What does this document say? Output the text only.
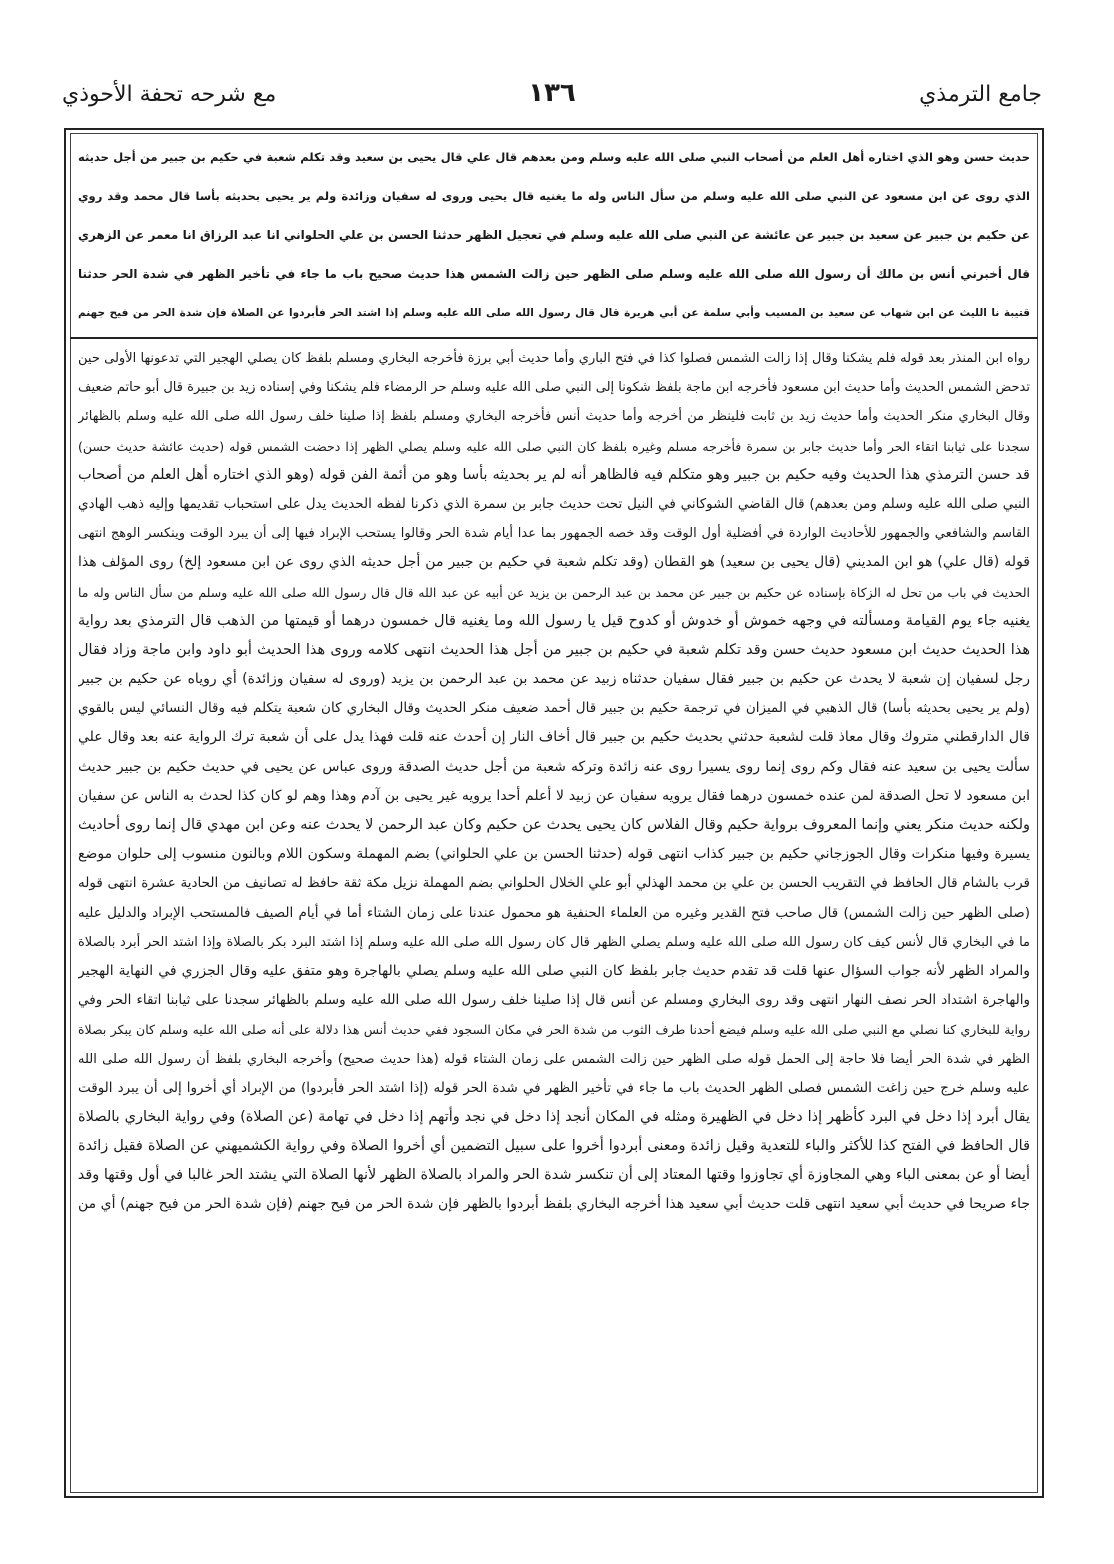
جامع الترمذي
١٣٦
مع شرحه تحفة الأحوذي
حديث حسن وهو الذي اختاره أهل العلم من أصحاب النبي صلى الله عليه وسلم ومن بعدهم قال علي قال يحيى بن سعيد وقد تكلم شعبة في حكيم بن جبير من أجل حديثه
الذي روى عن ابن مسعود عن النبي صلى الله عليه وسلم من سأل الناس وله ما يغنيه قال يحيى وروى له سفيان وزائدة ولم ير يحيى بحديثه بأسا قال محمد وقد روي
عن حكيم بن جبير عن سعيد بن جبير عن عائشة عن النبي صلى الله عليه وسلم في تعجيل الظهر حدثنا الحسن بن علي الحلواني انا عبد الرزاق انا معمر عن الزهري
قال أخبرني أنس بن مالك أن رسول الله صلى الله عليه وسلم صلى الظهر حين زالت الشمس هذا حديث صحيح باب ما جاء في تأخير الظهر في شدة الحر حدثنا
قتيبة نا الليث عن ابن شهاب عن سعيد بن المسيب وأبي سلمة عن أبي هريرة قال قال رسول الله صلى الله عليه وسلم إذا اشتد الحر فأبردوا عن الصلاة فإن شدة الحر من فيح جهنم
رواه ابن المنذر بعد قوله فلم يشكنا وقال إذا زالت الشمس فصلوا كذا في فتح الباري وأما حديث أبي برزة فأخرجه البخاري ومسلم بلفظ كان يصلي الهجير التي تدعونها الأولى حين
تدحض الشمس الحديث وأما حديث ابن مسعود فأخرجه ابن ماجة بلفظ شكونا إلى النبي صلى الله عليه وسلم حر الرمضاء فلم يشكنا وفي إسناده زيد بن جبيرة قال أبو حاتم ضعيف
وقال البخاري منكر الحديث وأما حديث زيد بن ثابت فلينظر من أخرجه وأما حديث أنس فأخرجه البخاري ومسلم بلفظ إذا صلينا خلف رسول الله صلى الله عليه وسلم بالظهائر
سجدنا على ثيابنا اتقاء الحر وأما حديث جابر بن سمرة فأخرجه مسلم وغيره بلفظ كان النبي صلى الله عليه وسلم يصلي الظهر إذا دحضت الشمس قوله (حديث عائشة حديث حسن)
قد حسن الترمذي هذا الحديث وفيه حكيم بن جبير وهو متكلم فيه فالظاهر أنه لم ير بحديثه بأسا وهو من أئمة الفن قوله (وهو الذي اختاره أهل العلم من أصحاب
النبي صلى الله عليه وسلم ومن بعدهم) قال القاضي الشوكاني في النيل تحت حديث جابر بن سمرة الذي ذكرنا لفظه الحديث يدل على استحباب تقديمها وإليه ذهب الهادي
القاسم والشافعي والجمهور للأحاديث الواردة في أفضلية أول الوقت وقد خصه الجمهور بما عدا أيام شدة الحر وقالوا يستحب الإبراد فيها إلى أن يبرد الوقت وينكسر الوهج انتهى
قوله (قال علي) هو ابن المديني (قال يحيى بن سعيد) هو القطان (وقد تكلم شعبة في حكيم بن جبير من أجل حديثه الذي روى عن ابن مسعود إلخ) روى المؤلف هذا
الحديث في باب من تحل له الزكاة بإسناده عن حكيم بن جبير عن محمد بن عبد الرحمن بن يزيد عن أبيه عن عبد الله قال قال رسول الله صلى الله عليه وسلم من سأل الناس وله ما
يغنيه جاء يوم القيامة ومسألته في وجهه خموش أو خدوش أو كدوح قيل يا رسول الله وما يغنيه قال خمسون درهما أو قيمتها من الذهب قال الترمذي بعد رواية
هذا الحديث حديث ابن مسعود حديث حسن وقد تكلم شعبة في حكيم بن جبير من أجل هذا الحديث انتهى كلامه وروى هذا الحديث أبو داود وابن ماجة وزاد فقال
رجل لسفيان إن شعبة لا يحدث عن حكيم بن جبير فقال سفيان حدثناه زبيد عن محمد بن عبد الرحمن بن يزيد (وروى له سفيان وزائدة) أي روياه عن حكيم بن جبير
(ولم ير يحيى بحديثه بأسا) قال الذهبي في الميزان في ترجمة حكيم بن جبير قال أحمد ضعيف منكر الحديث وقال البخاري كان شعبة يتكلم فيه وقال النسائي ليس بالقوي
قال الدارقطني متروك وقال معاذ قلت لشعبة حدثني بحديث حكيم بن جبير قال أخاف النار إن أحدث عنه قلت فهذا يدل على أن شعبة ترك الرواية عنه بعد وقال علي
سألت يحيى بن سعيد عنه فقال وكم روى إنما روى يسيرا روى عنه زائدة وتركه شعبة من أجل حديث الصدقة وروى عباس عن يحيى في حديث حكيم بن جبير حديث
ابن مسعود لا تحل الصدقة لمن عنده خمسون درهما فقال يرويه سفيان عن زبيد لا أعلم أحدا يرويه غير يحيى بن آدم وهذا وهم لو كان كذا لحدث به الناس عن سفيان
ولكنه حديث منكر يعني وإنما المعروف برواية حكيم وقال الفلاس كان يحيى يحدث عن حكيم وكان عبد الرحمن لا يحدث عنه وعن ابن مهدي قال إنما روى أحاديث
يسيرة وفيها منكرات وقال الجوزجاني حكيم بن جبير كذاب انتهى قوله (حدثنا الحسن بن علي الحلواني) بضم المهملة وسكون اللام وبالنون منسوب إلى حلوان موضع
قرب بالشام قال الحافظ في التقريب الحسن بن علي بن محمد الهذلي أبو علي الخلال الحلواني بضم المهملة نزيل مكة ثقة حافظ له تصانيف من الحادية عشرة انتهى قوله
(صلى الظهر حين زالت الشمس) قال صاحب فتح القدير وغيره من العلماء الحنفية هو محمول عندنا على زمان الشتاء أما في أيام الصيف فالمستحب الإبراد والدليل عليه
ما في البخاري قال لأنس كيف كان رسول الله صلى الله عليه وسلم يصلي الظهر قال كان رسول الله صلى الله عليه وسلم إذا اشتد البرد بكر بالصلاة وإذا اشتد الحر أبرد بالصلاة
والمراد الظهر لأنه جواب السؤال عنها قلت قد تقدم حديث جابر بلفظ كان النبي صلى الله عليه وسلم يصلي بالهاجرة وهو متفق عليه وقال الجزري في النهاية الهجير
والهاجرة اشتداد الحر نصف النهار انتهى وقد روى البخاري ومسلم عن أنس قال إذا صلينا خلف رسول الله صلى الله عليه وسلم بالظهائر سجدنا على ثيابنا اتقاء الحر وفي
رواية للبخاري كنا نصلي مع النبي صلى الله عليه وسلم فيضع أحدنا طرف الثوب من شدة الحر في مكان السجود ففي حديث أنس هذا دلالة على أنه صلى الله عليه وسلم كان يبكر بصلاة
الظهر في شدة الحر أيضا فلا حاجة إلى الحمل قوله صلى الظهر حين زالت الشمس على زمان الشتاء قوله (هذا حديث صحيح) وأخرجه البخاري بلفظ أن رسول الله صلى الله
عليه وسلم خرج حين زاغت الشمس فصلى الظهر الحديث باب ما جاء في تأخير الظهر في شدة الحر قوله (إذا اشتد الحر فأبردوا) من الإبراد أي أخروا إلى أن يبرد الوقت
يقال أبرد إذا دخل في البرد كأظهر إذا دخل في الظهيرة ومثله في المكان أنجد إذا دخل في نجد وأتهم إذا دخل في تهامة (عن الصلاة) وفي رواية البخاري بالصلاة
قال الحافظ في الفتح كذا للأكثر والباء للتعدية وقيل زائدة ومعنى أبردوا أخروا على سبيل التضمين أي أخروا الصلاة وفي رواية الكشميهني عن الصلاة فقيل زائدة
أيضا أو عن بمعنى الباء وهي المجاوزة أي تجاوزوا وقتها المعتاد إلى أن تنكسر شدة الحر والمراد بالصلاة الظهر لأنها الصلاة التي يشتد الحر غالبا في أول وقتها وقد
جاء صريحا في حديث أبي سعيد انتهى قلت حديث أبي سعيد هذا أخرجه البخاري بلفظ أبردوا بالظهر فإن شدة الحر من فيح جهنم (فإن شدة الحر من فيح جهنم) أي من
